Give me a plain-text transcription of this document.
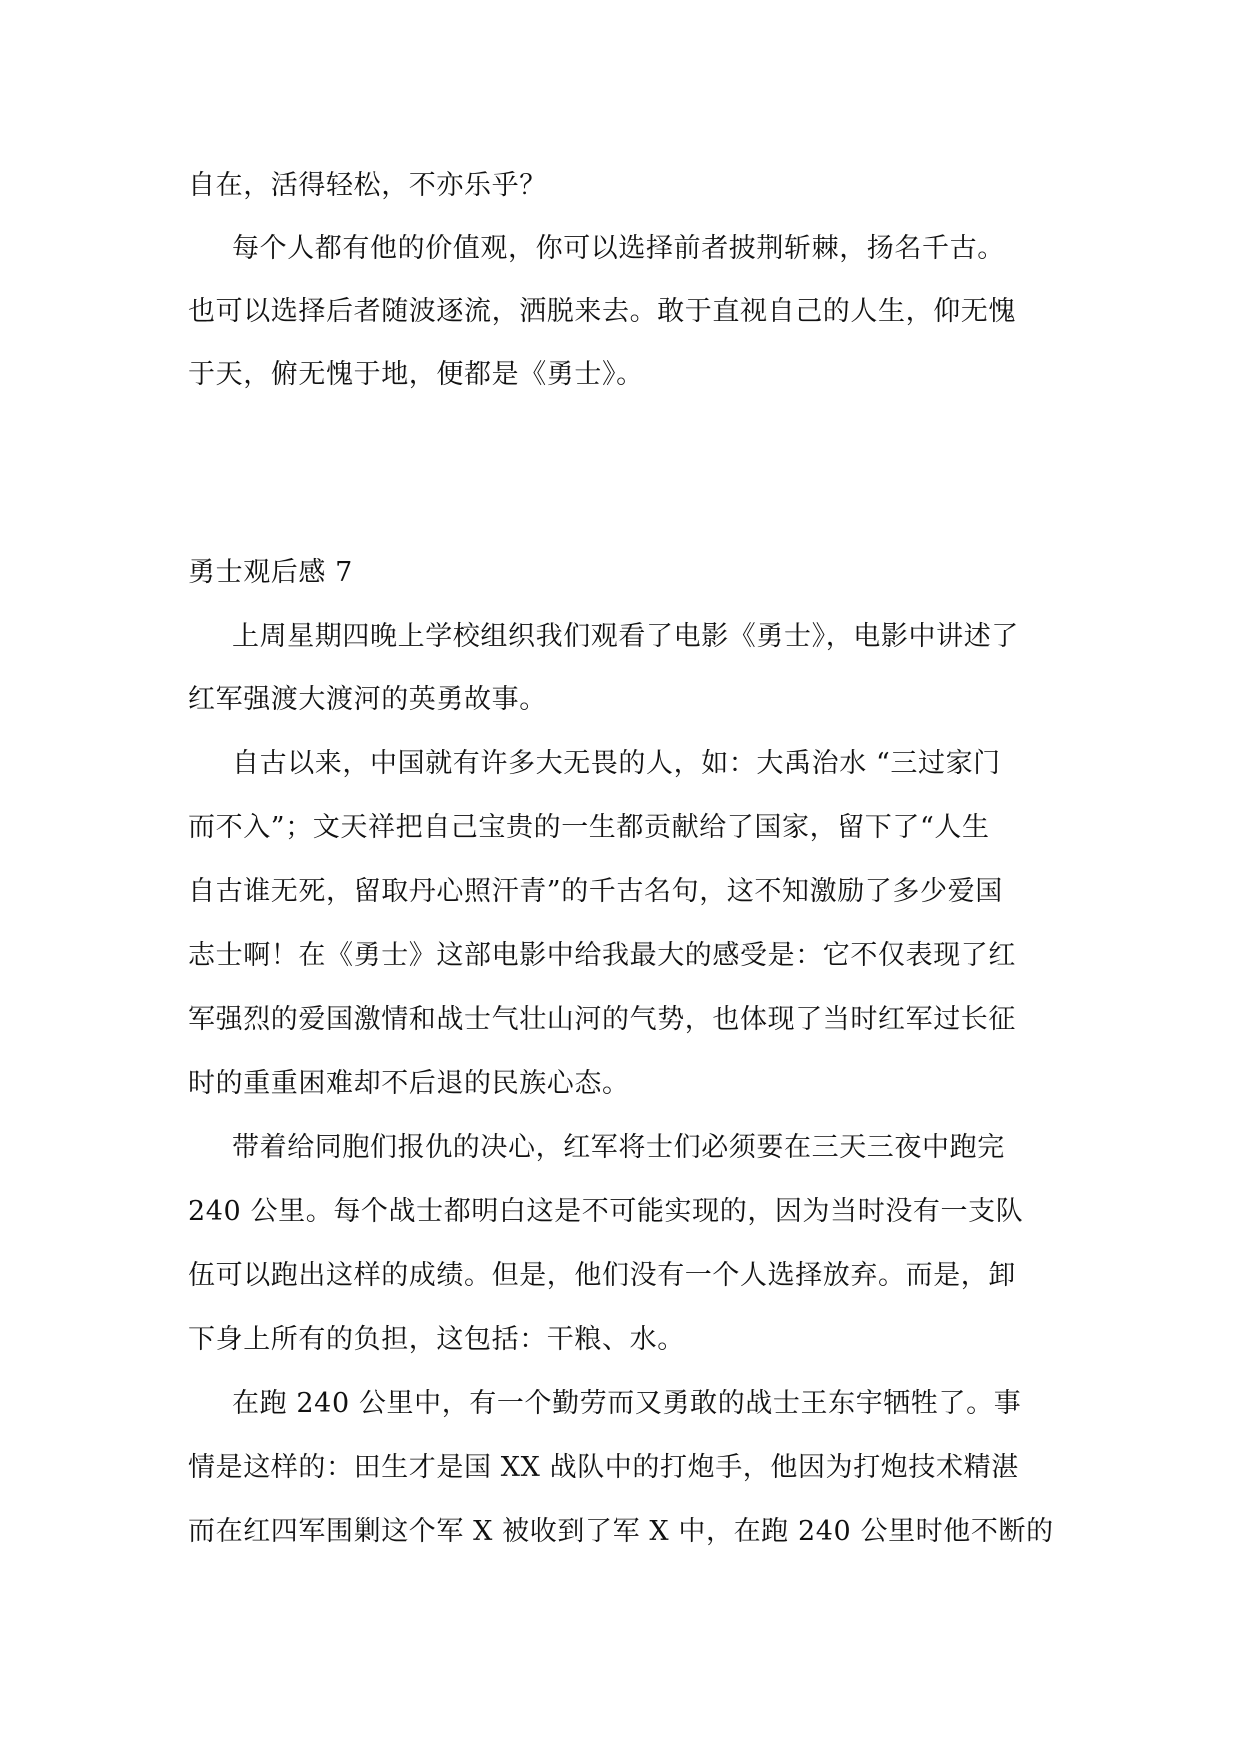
自在，活得轻松，不亦乐乎？
每个人都有他的价值观，你可以选择前者披荆斩棘，扬名千古。
也可以选择后者随波逐流，洒脱来去。敢于直视自己的人生，仰无愧
于天，俯无愧于地，便都是《勇士》。
勇士观后感 7
上周星期四晚上学校组织我们观看了电影《勇士》，电影中讲述了
红军强渡大渡河的英勇故事。
自古以来，中国就有许多大无畏的人，如：大禹治水 “三过家门
而不入”；文天祥把自己宝贵的一生都贡献给了国家，留下了“人生
自古谁无死，留取丹心照汗青”的千古名句，这不知激励了多少爱国
志士啊！在《勇士》这部电影中给我最大的感受是：它不仅表现了红
军强烈的爱国激情和战士气壮山河的气势，也体现了当时红军过长征
时的重重困难却不后退的民族心态。
带着给同胞们报仇的决心，红军将士们必须要在三天三夜中跑完
240 公里。每个战士都明白这是不可能实现的，因为当时没有一支队
伍可以跑出这样的成绩。但是，他们没有一个人选择放弃。而是，卸
下身上所有的负担，这包括：干粮、水。
在跑 240 公里中，有一个勤劳而又勇敢的战士王东宇牺牲了。事
情是这样的：田生才是国 XX 战队中的打炮手，他因为打炮技术精湛
而在红四军围剿这个军 X 被收到了军 X 中，在跑 240 公里时他不断的
